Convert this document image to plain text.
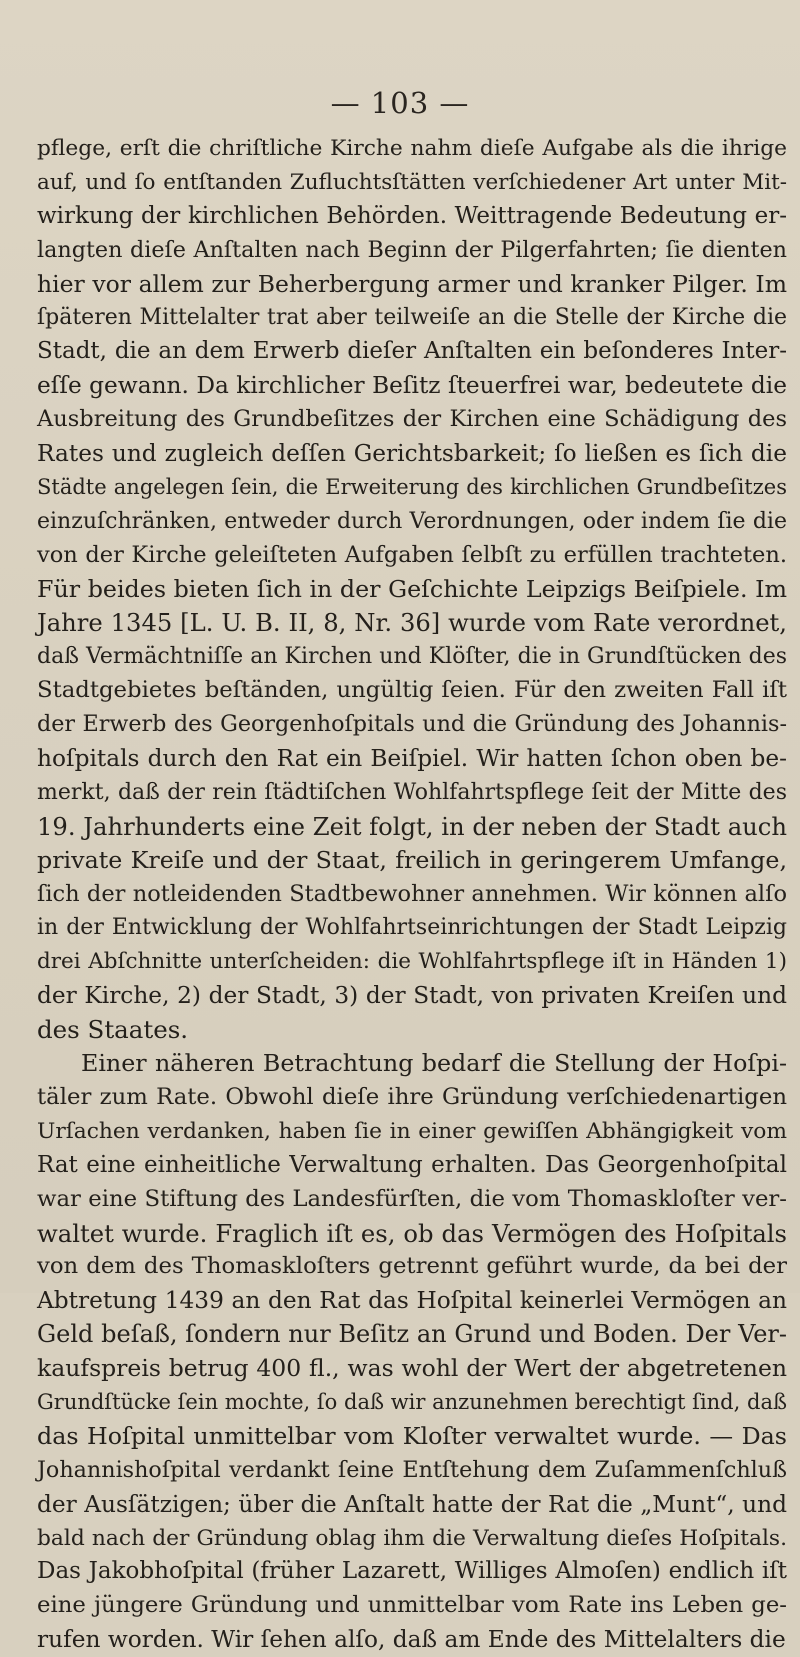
— 103 —
pflege, erſt die chriſtliche Kirche nahm dieſe Aufgabe als die ihrige
auf, und ſo entſtanden Zufluchtsſtätten verſchiedener Art unter Mit-
wirkung der kirchlichen Behörden. Weittragende Bedeutung er-
langten dieſe Anſtalten nach Beginn der Pilgerfahrten; ſie dienten
hier vor allem zur Beherbergung armer und kranker Pilger. Im
ſpäteren Mittelalter trat aber teilweiſe an die Stelle der Kirche die
Stadt, die an dem Erwerb dieſer Anſtalten ein beſonderes Inter-
eſſe gewann. Da kirchlicher Beſitz ſteuerfrei war, bedeutete die
Ausbreitung des Grundbeſitzes der Kirchen eine Schädigung des
Rates und zugleich deſſen Gerichtsbarkeit; ſo ließen es ſich die
Städte angelegen ſein, die Erweiterung des kirchlichen Grundbeſitzes
einzuſchränken, entweder durch Verordnungen, oder indem ſie die
von der Kirche geleiſteten Aufgaben ſelbſt zu erfüllen trachteten.
Für beides bieten ſich in der Geſchichte Leipzigs Beiſpiele. Im
Jahre 1345 [L. U. B. II, 8, Nr. 36] wurde vom Rate verordnet,
daß Vermächtniſſe an Kirchen und Klöſter, die in Grundſtücken des
Stadtgebietes beſtänden, ungültig ſeien. Für den zweiten Fall iſt
der Erwerb des Georgenhoſpitals und die Gründung des Johannis-
hoſpitals durch den Rat ein Beiſpiel. Wir hatten ſchon oben be-
merkt, daß der rein ſtädtiſchen Wohlfahrtspflege ſeit der Mitte des
19. Jahrhunderts eine Zeit folgt, in der neben der Stadt auch
private Kreiſe und der Staat, freilich in geringerem Umfange,
ſich der notleidenden Stadtbewohner annehmen. Wir können alſo
in der Entwicklung der Wohlfahrtseinrichtungen der Stadt Leipzig
drei Abſchnitte unterſcheiden: die Wohlfahrtspflege iſt in Händen 1)
der Kirche, 2) der Stadt, 3) der Stadt, von privaten Kreiſen und
des Staates.
Einer näheren Betrachtung bedarf die Stellung der Hoſpi-
täler zum Rate. Obwohl dieſe ihre Gründung verſchiedenartigen
Urſachen verdanken, haben ſie in einer gewiſſen Abhängigkeit vom
Rat eine einheitliche Verwaltung erhalten. Das Georgenhoſpital
war eine Stiftung des Landesfürſten, die vom Thomaskloſter ver-
waltet wurde. Fraglich iſt es, ob das Vermögen des Hoſpitals
von dem des Thomaskloſters getrennt geführt wurde, da bei der
Abtretung 1439 an den Rat das Hoſpital keinerlei Vermögen an
Geld beſaß, ſondern nur Beſitz an Grund und Boden. Der Ver-
kaufspreis betrug 400 fl., was wohl der Wert der abgetretenen
Grundſtücke ſein mochte, ſo daß wir anzunehmen berechtigt ſind, daß
das Hoſpital unmittelbar vom Kloſter verwaltet wurde. — Das
Johannishoſpital verdankt ſeine Entſtehung dem Zuſammenſchluß
der Ausſätzigen; über die Anſtalt hatte der Rat die „Munt“, und
bald nach der Gründung oblag ihm die Verwaltung dieſes Hoſpitals.
Das Jakobhoſpital (früher Lazarett, Williges Almoſen) endlich iſt
eine jüngere Gründung und unmittelbar vom Rate ins Leben ge-
rufen worden. Wir ſehen alſo, daß am Ende des Mittelalters die
